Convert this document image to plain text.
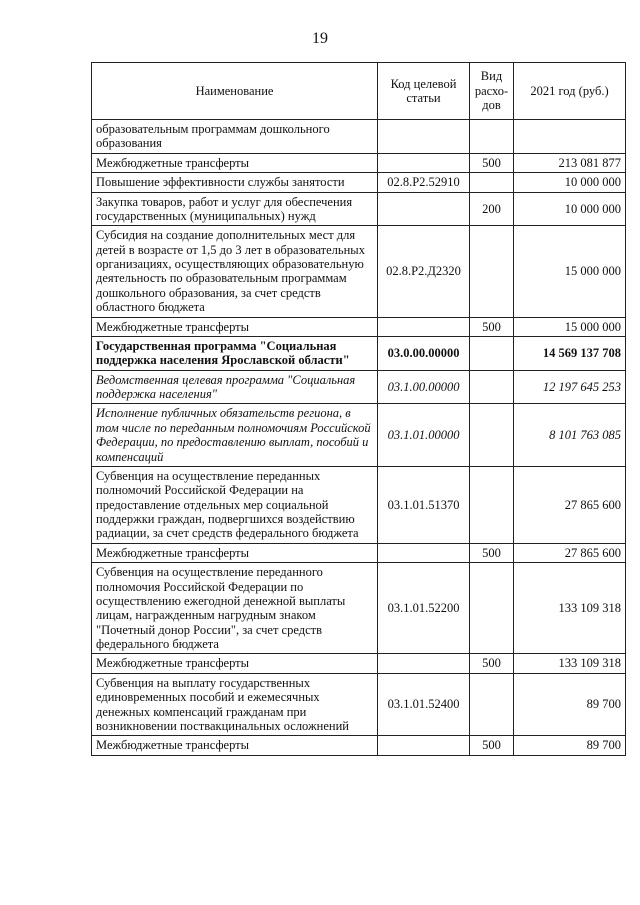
19
Наименование	Код целевой статьи	Вид расхо-дов	2021 год (руб.)
образовательным программам дошкольного образования			
Межбюджетные трансферты		500	213 081 877
Повышение эффективности службы занятости	02.8.Р2.52910		10 000 000
Закупка товаров, работ и услуг для обеспечения государственных (муниципальных) нужд		200	10 000 000
Субсидия на создание дополнительных мест для детей в возрасте от 1,5 до 3 лет в образовательных организациях, осуществляющих образовательную деятельность по образовательным программам дошкольного образования, за счет средств областного бюджета	02.8.Р2.Д2320		15 000 000
Межбюджетные трансферты		500	15 000 000
Государственная программа "Социальная поддержка населения Ярославской области"	03.0.00.00000		14 569 137 708
Ведомственная целевая программа "Социальная поддержка населения"	03.1.00.00000		12 197 645 253
Исполнение публичных обязательств региона, в том числе по переданным полномочиям Российской Федерации, по предоставлению выплат, пособий и компенсаций	03.1.01.00000		8 101 763 085
Субвенция на осуществление переданных полномочий Российской Федерации на предоставление отдельных мер социальной поддержки граждан, подвергшихся воздействию радиации, за счет средств федерального бюджета	03.1.01.51370		27 865 600
Межбюджетные трансферты		500	27 865 600
Субвенция на осуществление переданного полномочия Российской Федерации по осуществлению ежегодной денежной выплаты лицам, награжденным нагрудным знаком "Почетный донор России", за счет средств федерального бюджета	03.1.01.52200		133 109 318
Межбюджетные трансферты		500	133 109 318
Субвенция на выплату государственных единовременных пособий и ежемесячных денежных компенсаций гражданам при возникновении поствакцинальных осложнений	03.1.01.52400		89 700
Межбюджетные трансферты		500	89 700
